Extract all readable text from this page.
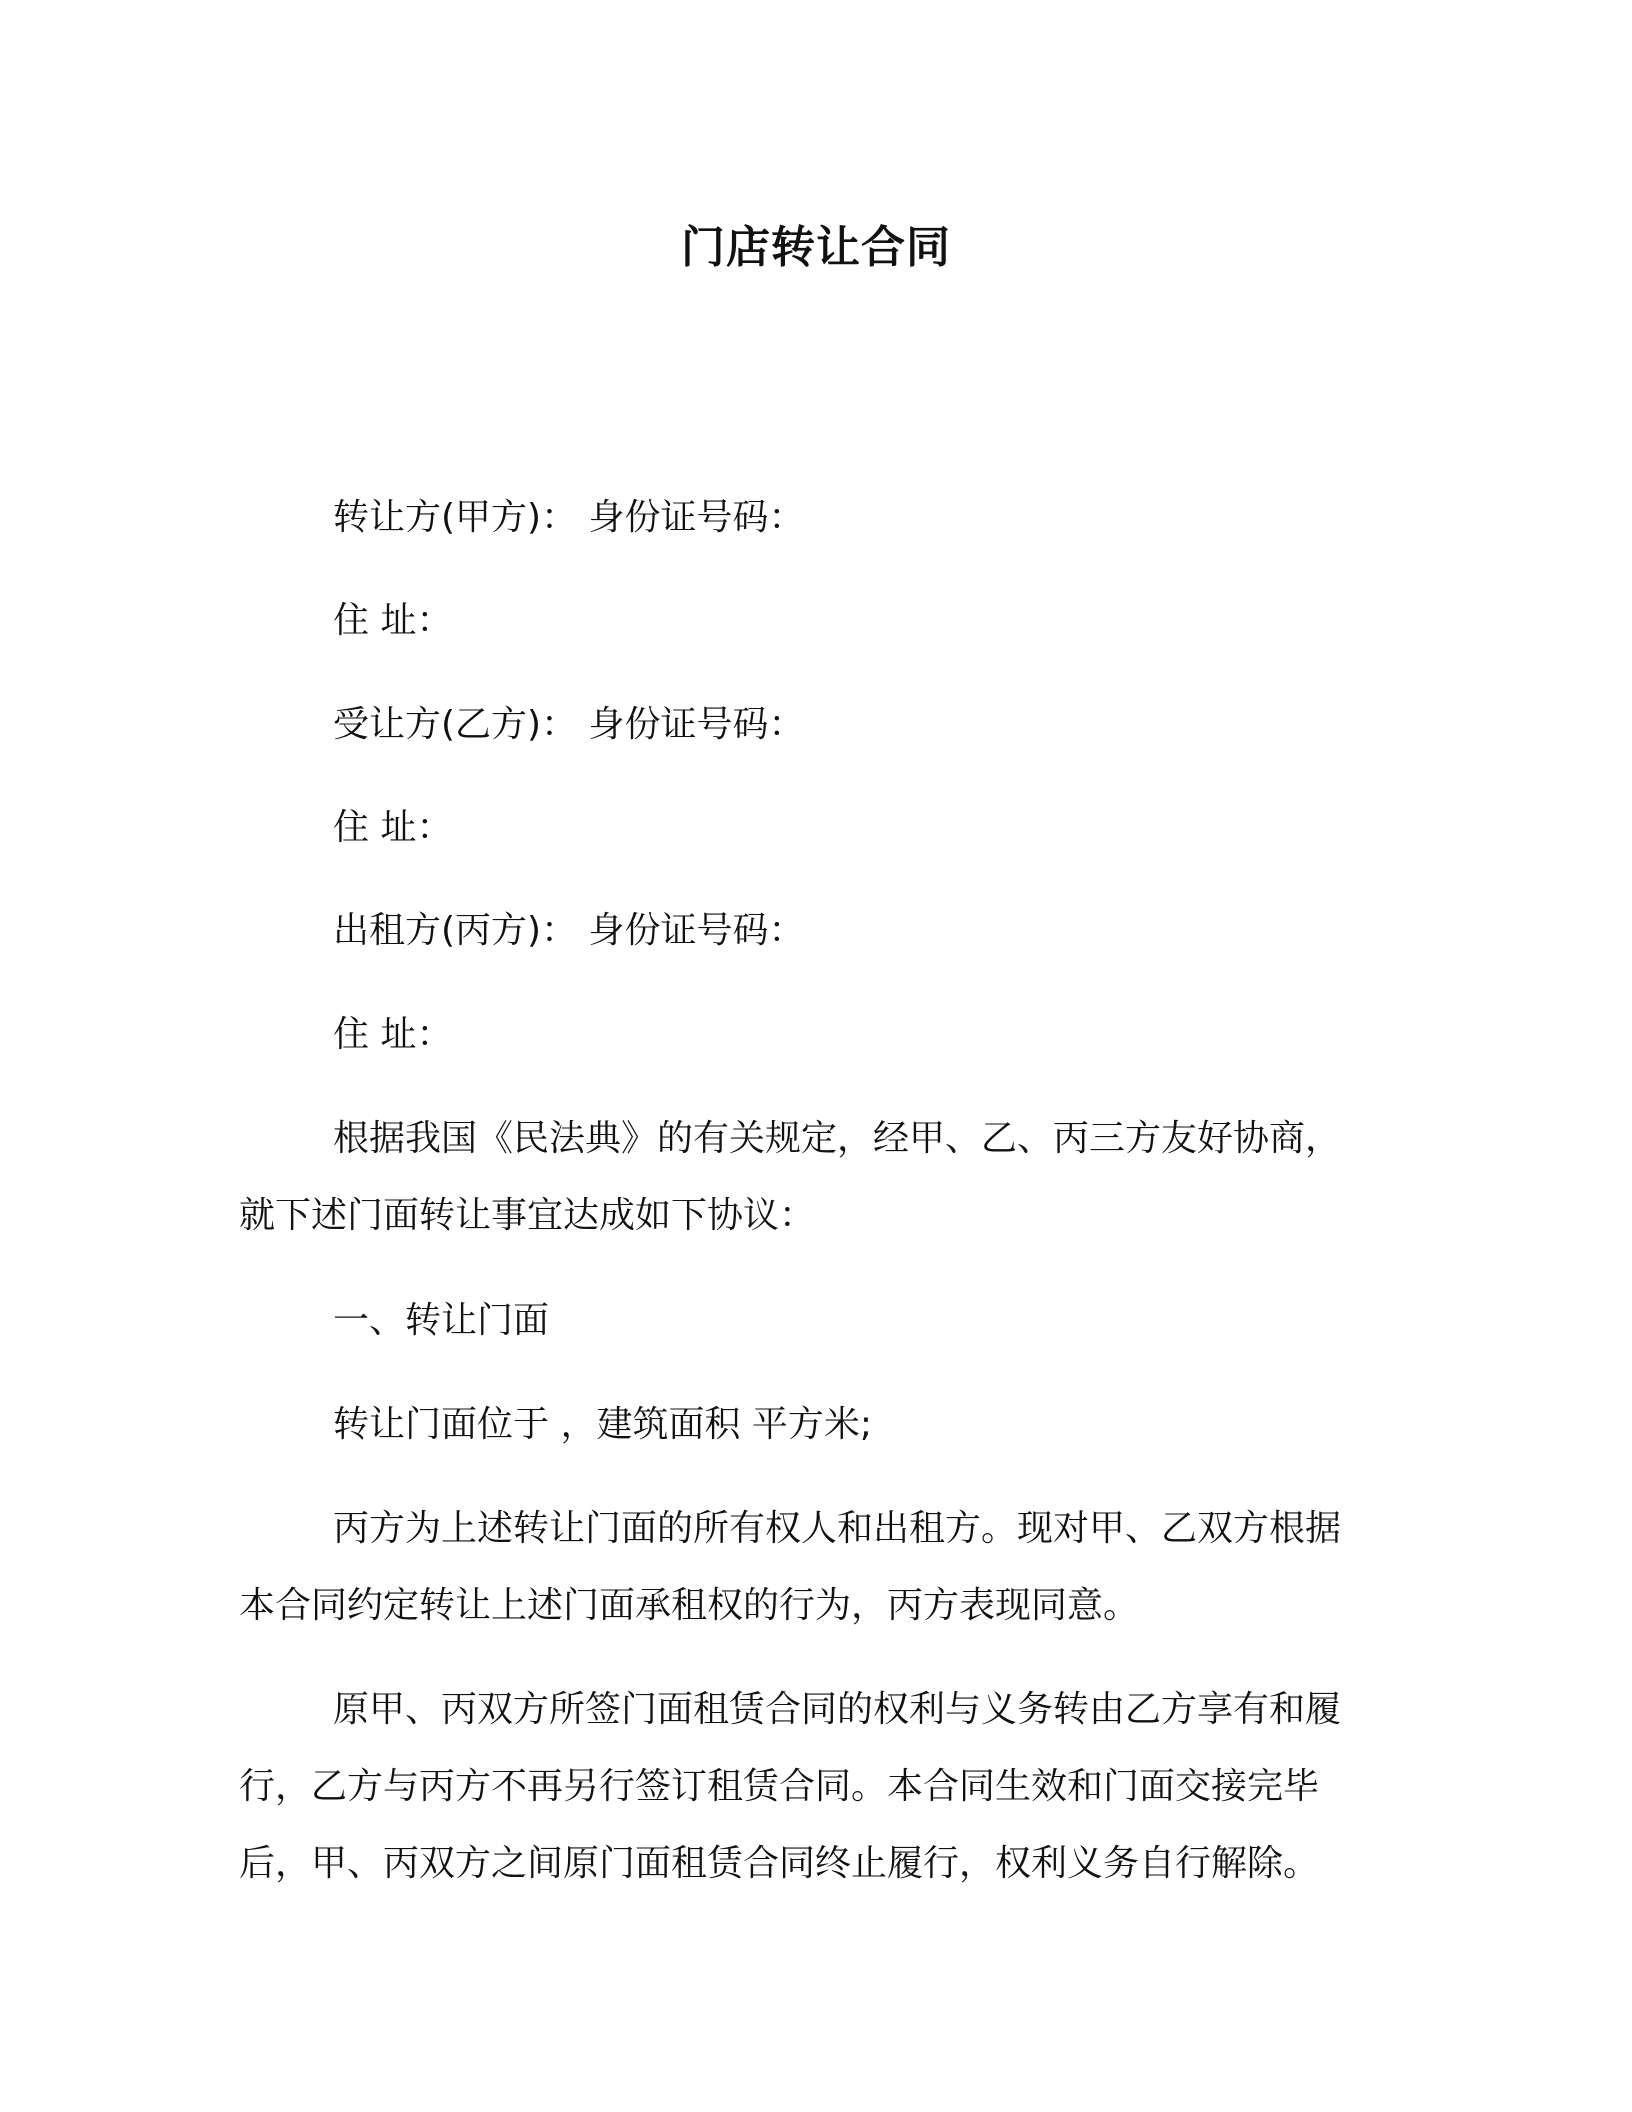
门店转让合同
转让方(甲方)： 身份证号码：
住 址：
受让方(乙方)： 身份证号码：
住 址：
出租方(丙方)： 身份证号码：
住 址：
根据我国《民法典》的有关规定，经甲、乙、丙三方友好协商，
就下述门面转让事宜达成如下协议：
一、转让门面
转让门面位于 ，建筑面积 平方米;
丙方为上述转让门面的所有权人和出租方。现对甲、乙双方根据
本合同约定转让上述门面承租权的行为，丙方表现同意。
原甲、丙双方所签门面租赁合同的权利与义务转由乙方享有和履
行，乙方与丙方不再另行签订租赁合同。本合同生效和门面交接完毕
后，甲、丙双方之间原门面租赁合同终止履行，权利义务自行解除。
